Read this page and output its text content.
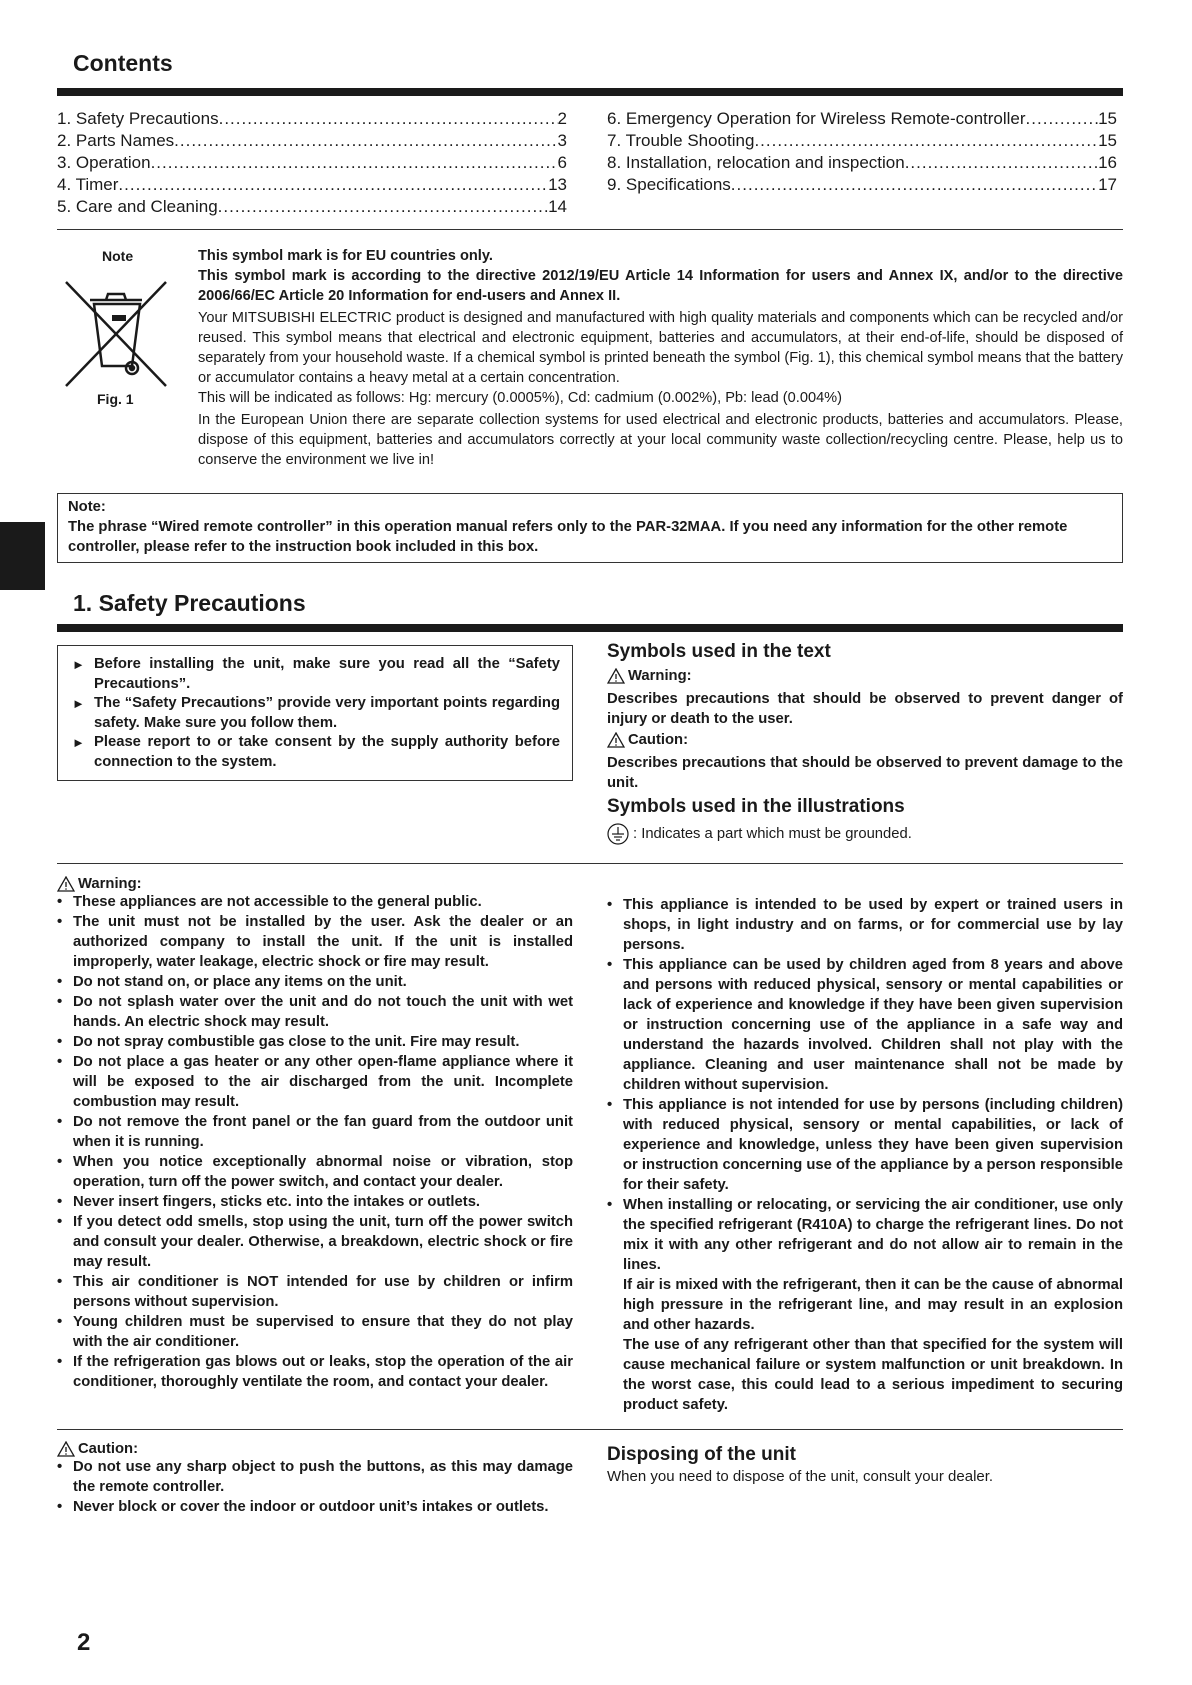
Contents
1. Safety Precautions .....	2
2. Parts Names .....	3
3. Operation .....	6
4. Timer .....	13
5. Care and Cleaning .....	14
6. Emergency Operation for Wireless Remote-controller .....	15
7. Trouble Shooting .....	15
8. Installation, relocation and inspection .....	16
9. Specifications .....	17
Note
Fig. 1
This symbol mark is for EU countries only.
This symbol mark is according to the directive 2012/19/EU Article 14 Information for users and Annex IX, and/or to the directive 2006/66/EC Article 20 Information for end-users and Annex II.
Your MITSUBISHI ELECTRIC product is designed and manufactured with high quality materials and components which can be recycled and/or reused. This symbol means that electrical and electronic equipment, batteries and accumulators, at their end-of-life, should be disposed of separately from your household waste. If a chemical symbol is printed beneath the symbol (Fig. 1), this chemical symbol means that the battery or accumulator contains a heavy metal at a certain concentration.
This will be indicated as follows: Hg: mercury (0.0005%), Cd: cadmium (0.002%), Pb: lead (0.004%)
In the European Union there are separate collection systems for used electrical and electronic products, batteries and accumulators. Please, dispose of this equipment, batteries and accumulators correctly at your local community waste collection/recycling centre. Please, help us to conserve the environment we live in!
Note:
The phrase “Wired remote controller” in this operation manual refers only to the PAR-32MAA. If you need any information for the other remote controller, please refer to the instruction book included in this box.
1. Safety Precautions
► Before installing the unit, make sure you read all the “Safety Precautions”.
► The “Safety Precautions” provide very important points regarding safety. Make sure you follow them.
► Please report to or take consent by the supply authority before connection to the system.
Symbols used in the text
Warning:
Describes precautions that should be observed to prevent danger of injury or death to the user.
Caution:
Describes precautions that should be observed to prevent damage to the unit.
Symbols used in the illustrations
: Indicates a part which must be grounded.
Warning:
• These appliances are not accessible to the general public.
• The unit must not be installed by the user. Ask the dealer or an authorized company to install the unit. If the unit is installed improperly, water leakage, electric shock or fire may result.
• Do not stand on, or place any items on the unit.
• Do not splash water over the unit and do not touch the unit with wet hands. An electric shock may result.
• Do not spray combustible gas close to the unit. Fire may result.
• Do not place a gas heater or any other open-flame appliance where it will be exposed to the air discharged from the unit. Incomplete combustion may result.
• Do not remove the front panel or the fan guard from the outdoor unit when it is running.
• When you notice exceptionally abnormal noise or vibration, stop operation, turn off the power switch, and contact your dealer.
• Never insert fingers, sticks etc. into the intakes or outlets.
• If you detect odd smells, stop using the unit, turn off the power switch and consult your dealer. Otherwise, a breakdown, electric shock or fire may result.
• This air conditioner is NOT intended for use by children or infirm persons without supervision.
• Young children must be supervised to ensure that they do not play with the air conditioner.
• If the refrigeration gas blows out or leaks, stop the operation of the air conditioner, thoroughly ventilate the room, and contact your dealer.
• This appliance is intended to be used by expert or trained users in shops, in light industry and on farms, or for commercial use by lay persons.
• This appliance can be used by children aged from 8 years and above and persons with reduced physical, sensory or mental capabilities or lack of experience and knowledge if they have been given supervision or instruction concerning use of the appliance in a safe way and understand the hazards involved. Children shall not play with the appliance. Cleaning and user maintenance shall not be made by children without supervision.
• This appliance is not intended for use by persons (including children) with reduced physical, sensory or mental capabilities, or lack of experience and knowledge, unless they have been given supervision or instruction concerning use of the appliance by a person responsible for their safety.
• When installing or relocating, or servicing the air conditioner, use only the specified refrigerant (R410A) to charge the refrigerant lines. Do not mix it with any other refrigerant and do not allow air to remain in the lines.
If air is mixed with the refrigerant, then it can be the cause of abnormal high pressure in the refrigerant line, and may result in an explosion and other hazards.
The use of any refrigerant other than that specified for the system will cause mechanical failure or system malfunction or unit breakdown. In the worst case, this could lead to a serious impediment to securing product safety.
Caution:
• Do not use any sharp object to push the buttons, as this may damage the remote controller.
• Never block or cover the indoor or outdoor unit’s intakes or outlets.
Disposing of the unit
When you need to dispose of the unit, consult your dealer.
2
